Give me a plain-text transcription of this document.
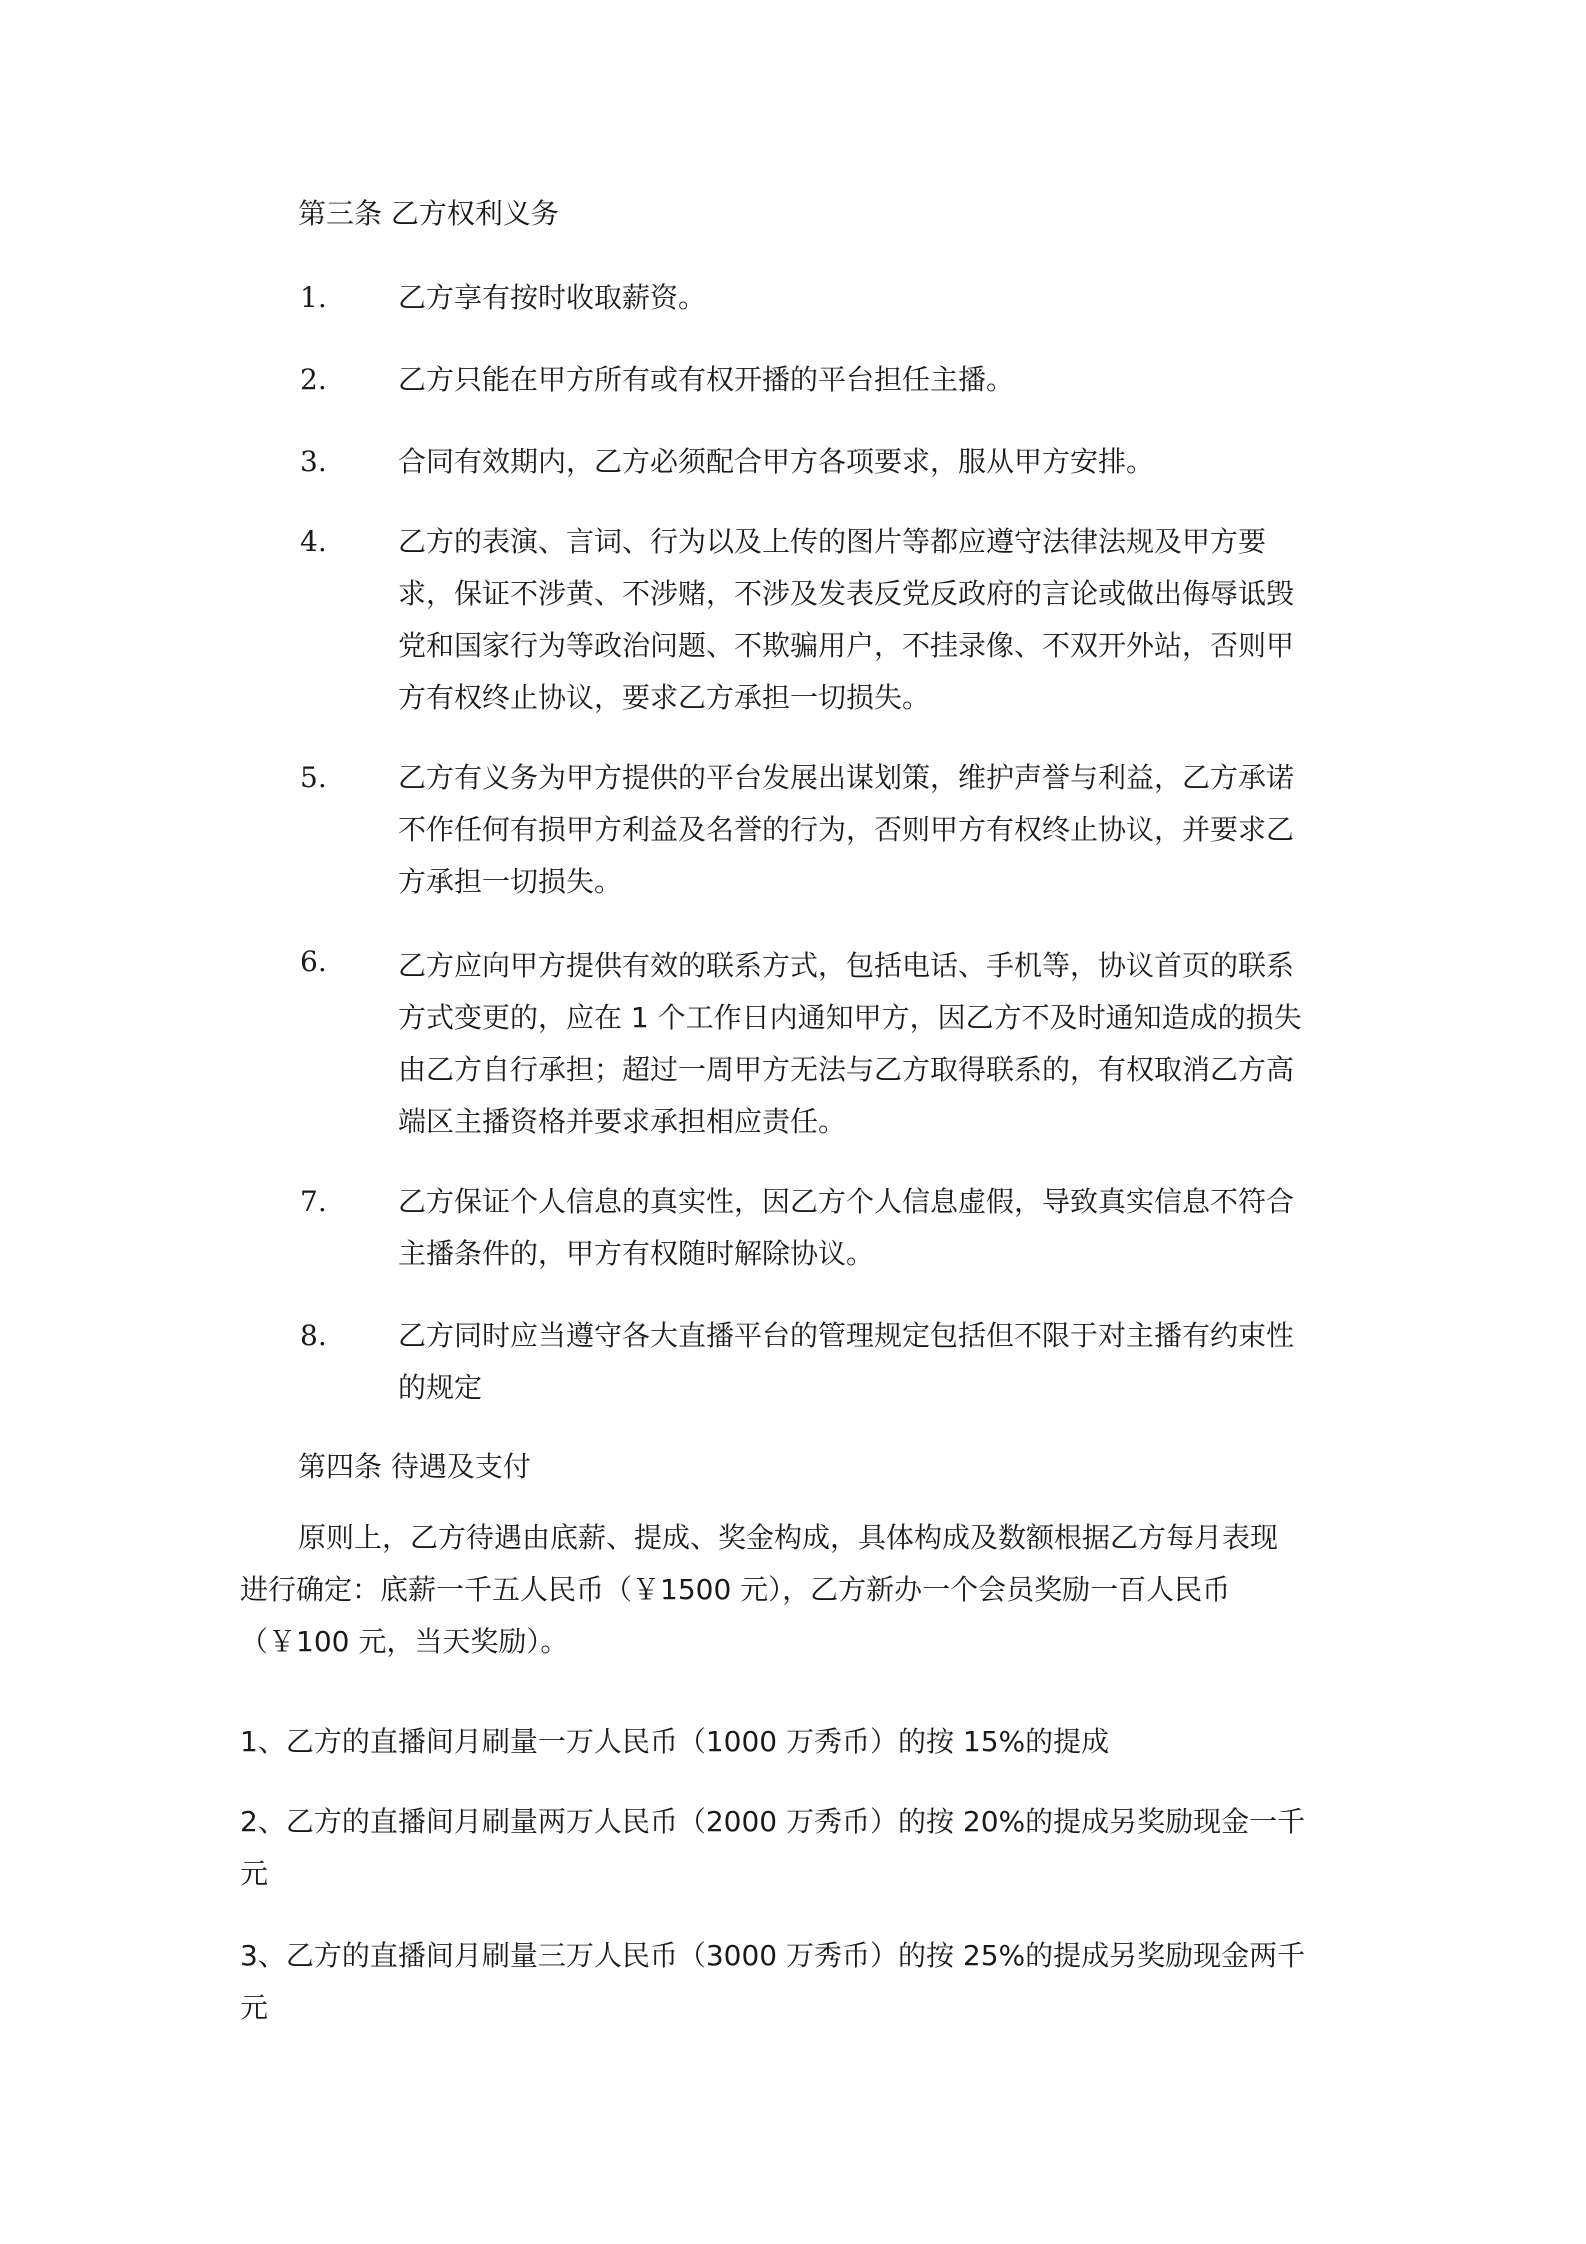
第三条 乙方权利义务
1.	乙方享有按时收取薪资。
2.	乙方只能在甲方所有或有权开播的平台担任主播。
3.	合同有效期内，乙方必须配合甲方各项要求，服从甲方安排。
4.	乙方的表演、言词、行为以及上传的图片等都应遵守法律法规及甲方要
求，保证不涉黄、不涉赌，不涉及发表反党反政府的言论或做出侮辱诋毁
党和国家行为等政治问题、不欺骗用户，不挂录像、不双开外站，否则甲
方有权终止协议，要求乙方承担一切损失。
5.	乙方有义务为甲方提供的平台发展出谋划策，维护声誉与利益，乙方承诺
不作任何有损甲方利益及名誉的行为，否则甲方有权终止协议，并要求乙
方承担一切损失。
6.	乙方应向甲方提供有效的联系方式，包括电话、手机等，协议首页的联系
方式变更的，应在 1 个工作日内通知甲方，因乙方不及时通知造成的损失
由乙方自行承担；超过一周甲方无法与乙方取得联系的，有权取消乙方高
端区主播资格并要求承担相应责任。
7.	乙方保证个人信息的真实性，因乙方个人信息虚假，导致真实信息不符合
主播条件的，甲方有权随时解除协议。
8.	乙方同时应当遵守各大直播平台的管理规定包括但不限于对主播有约束性
的规定
第四条 待遇及支付
原则上，乙方待遇由底薪、提成、奖金构成，具体构成及数额根据乙方每月表现
进行确定：底薪一千五人民币（￥1500 元），乙方新办一个会员奖励一百人民币
（￥100 元，当天奖励）。
1、乙方的直播间月刷量一万人民币（1000 万秀币）的按 15%的提成
2、乙方的直播间月刷量两万人民币（2000 万秀币）的按 20%的提成另奖励现金一千
元
3、乙方的直播间月刷量三万人民币（3000 万秀币）的按 25%的提成另奖励现金两千
元
